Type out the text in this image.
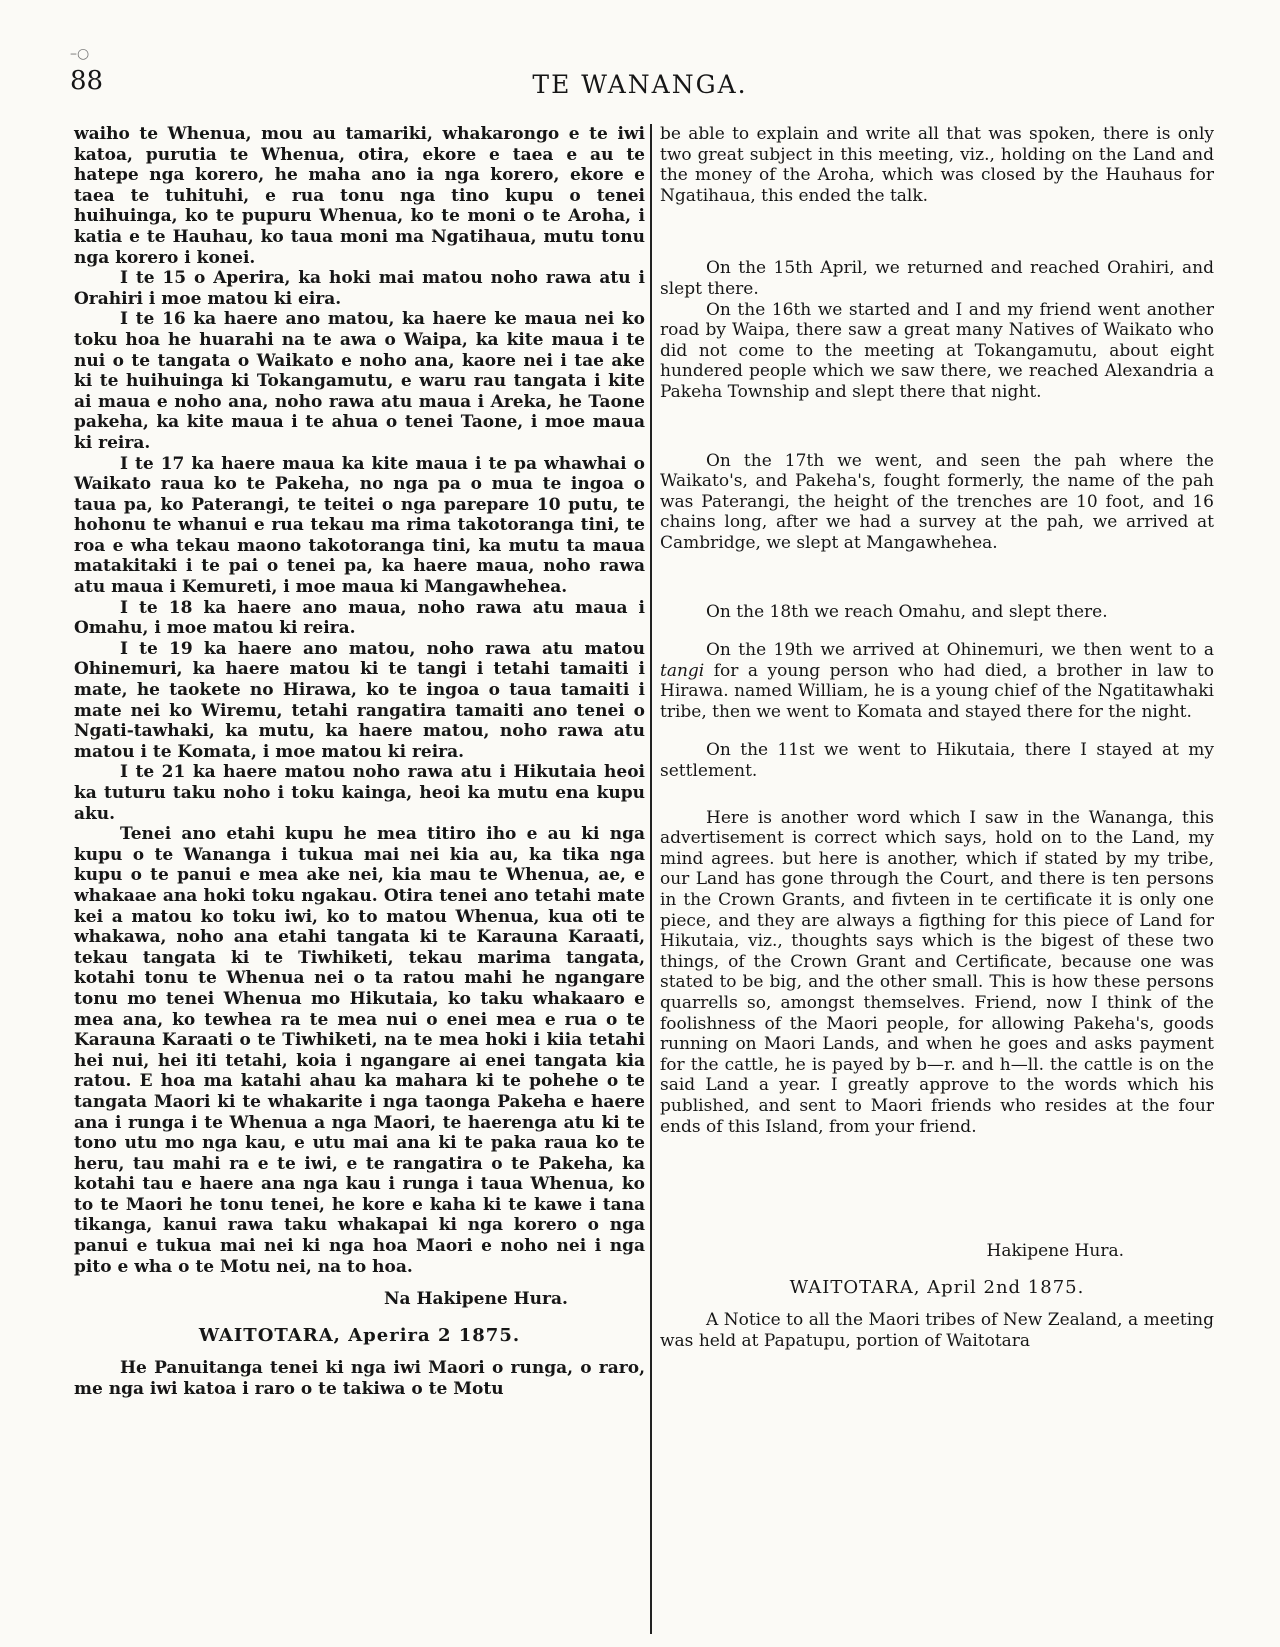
–○
88	TE WANANGA.

waiho te Whenua, mou au tamariki, whakarongo e te iwi katoa, purutia te Whenua, otira, ekore e taea e au te hatepe nga korero, he maha ano ia nga korero, ekore e taea te tuhituhi, e rua tonu nga tino kupu o tenei huihuinga, ko te pupuru Whenua, ko te moni o te Aroha, i katia e te Hauhau, ko taua moni ma Ngatihaua, mutu tonu nga korero i konei.

I te 15 o Aperira, ka hoki mai matou noho rawa atu i Orahiri i moe matou ki eira.

I te 16 ka haere ano matou, ka haere ke maua nei ko toku hoa he huarahi na te awa o Waipa, ka kite maua i te nui o te tangata o Waikato e noho ana, kaore nei i tae ake ki te huihuinga ki Tokangamutu, e waru rau tangata i kite ai maua e noho ana, noho rawa atu maua i Areka, he Taone pakeha, ka kite maua i te ahua o tenei Taone, i moe maua ki reira.

I te 17 ka haere maua ka kite maua i te pa whawhai o Waikato raua ko te Pakeha, no nga pa o mua te ingoa o taua pa, ko Paterangi, te teitei o nga parepare 10 putu, te hohonu te whanui e rua tekau ma rima takotoranga tini, te roa e wha tekau maono takotoranga tini, ka mutu ta maua matakitaki i te pai o tenei pa, ka haere maua, noho rawa atu maua i Kemureti, i moe maua ki Mangawhehea.

I te 18 ka haere ano maua, noho rawa atu maua i Omahu, i moe matou ki reira.

I te 19 ka haere ano matou, noho rawa atu matou Ohinemuri, ka haere matou ki te tangi i tetahi tamaiti i mate, he taokete no Hirawa, ko te ingoa o taua tamaiti i mate nei ko Wiremu, tetahi rangatira tamaiti ano tenei o Ngati-tawhaki, ka mutu, ka haere matou, noho rawa atu matou i te Komata, i moe matou ki reira.

I te 21 ka haere matou noho rawa atu i Hikutaia heoi ka tuturu taku noho i toku kainga, heoi ka mutu ena kupu aku.

Tenei ano etahi kupu he mea titiro iho e au ki nga kupu o te Wananga i tukua mai nei kia au, ka tika nga kupu o te panui e mea ake nei, kia mau te Whenua, ae, e whakaae ana hoki toku ngakau. Otira tenei ano tetahi mate kei a matou ko toku iwi, ko to matou Whenua, kua oti te whakawa, noho ana etahi tangata ki te Karauna Karaati, tekau tangata ki te Tiwhiketi, tekau marima tangata, kotahi tonu te Whenua nei o ta ratou mahi he ngangare tonu mo tenei Whenua mo Hikutaia, ko taku whakaaro e mea ana, ko tewhea ra te mea nui o enei mea e rua o te Karauna Karaati o te Tiwhiketi, na te mea hoki i kiia tetahi hei nui, hei iti tetahi, koia i ngangare ai enei tangata kia ratou. E hoa ma katahi ahau ka mahara ki te pohehe o te tangata Maori ki te whakarite i nga taonga Pakeha e haere ana i runga i te Whenua a nga Maori, te haerenga atu ki te tono utu mo nga kau, e utu mai ana ki te paka raua ko te heru, tau mahi ra e te iwi, e te rangatira o te Pakeha, ka kotahi tau e haere ana nga kau i runga i taua Whenua, ko to te Maori he tonu tenei, he kore e kaha ki te kawe i tana tikanga, kanui rawa taku whakapai ki nga korero o nga panui e tukua mai nei ki nga hoa Maori e noho nei i nga pito e wha o te Motu nei, na to hoa.

Na Hakipene Hura.

WAITOTARA, Aperira 2 1875.

He Panuitanga tenei ki nga iwi Maori o runga, o raro, me nga iwi katoa i raro o te takiwa o te Motu

be able to explain and write all that was spoken, there is only two great subject in this meeting, viz., holding on the Land and the money of the Aroha, which was closed by the Hauhaus for Ngatihaua, this ended the talk.

On the 15th April, we returned and reached Orahiri, and slept there.

On the 16th we started and I and my friend went another road by Waipa, there saw a great many Natives of Waikato who did not come to the meeting at Tokangamutu, about eight hundered people which we saw there, we reached Alexandria a Pakeha Township and slept there that night.

On the 17th we went, and seen the pah where the Waikato's, and Pakeha's, fought formerly, the name of the pah was Paterangi, the height of the trenches are 10 foot, and 16 chains long, after we had a survey at the pah, we arrived at Cambridge, we slept at Mangawhehea.

On the 18th we reach Omahu, and slept there.

On the 19th we arrived at Ohinemuri, we then went to a tangi for a young person who had died, a brother in law to Hirawa. named William, he is a young chief of the Ngatitawhaki tribe, then we went to Komata and stayed there for the night.

On the 11st we went to Hikutaia, there I stayed at my settlement.

Here is another word which I saw in the Wananga, this advertisement is correct which says, hold on to the Land, my mind agrees. but here is another, which if stated by my tribe, our Land has gone through the Court, and there is ten persons in the Crown Grants, and fivteen in te certificate it is only one piece, and they are always a figthing for this piece of Land for Hikutaia, viz., thoughts says which is the bigest of these two things, of the Crown Grant and Certificate, because one was stated to be big, and the other small. This is how these persons quarrells so, amongst themselves. Friend, now I think of the foolishness of the Maori people, for allowing Pakeha's, goods running on Maori Lands, and when he goes and asks payment for the cattle, he is payed by b—r. and h—ll. the cattle is on the said Land a year. I greatly approve to the words which his published, and sent to Maori friends who resides at the four ends of this Island, from your friend.

Hakipene Hura.

WAITOTARA, April 2nd 1875.

A Notice to all the Maori tribes of New Zealand, a meeting was held at Papatupu, portion of Waitotara
